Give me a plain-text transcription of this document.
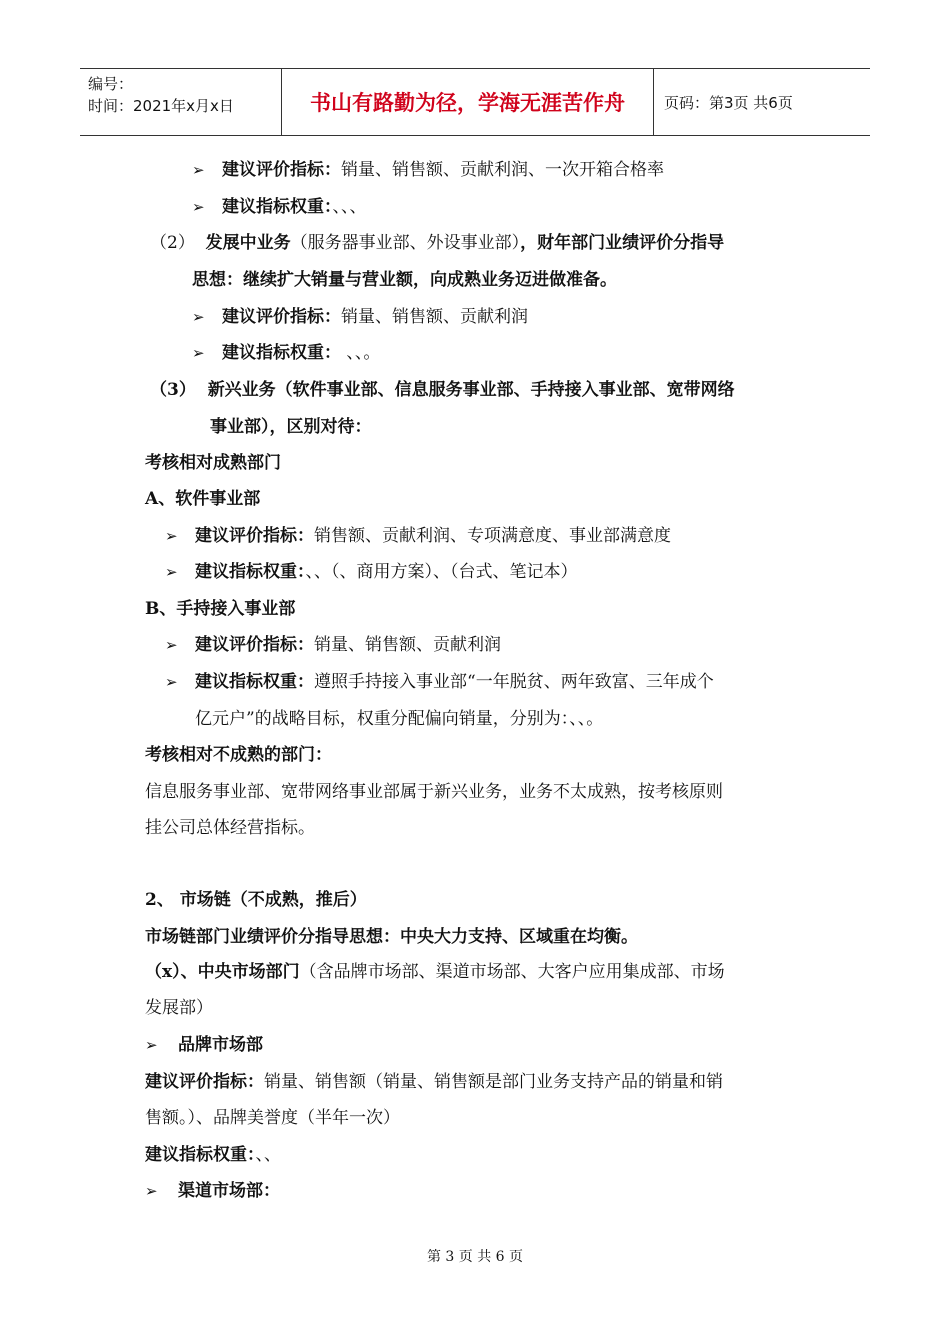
编号：
时间：2021年x月x日	书山有路勤为径，学海无涯苦作舟	页码：第3页 共6页
➢ 建议评价指标：销量、销售额、贡献利润、一次开箱合格率
➢ 建议指标权重：、、、
（2） 发展中业务（服务器事业部、外设事业部），财年部门业绩评价分指导
思想：继续扩大销量与营业额，向成熟业务迈进做准备。
➢ 建议评价指标：销量、销售额、贡献利润
➢ 建议指标权重： 、、。
（3） 新兴业务（软件事业部、信息服务事业部、手持接入事业部、宽带网络
事业部），区别对待：
考核相对成熟部门
A、软件事业部
➢ 建议评价指标：销售额、贡献利润、专项满意度、事业部满意度
➢ 建议指标权重：、、（、商用方案）、（台式、笔记本）
B、手持接入事业部
➢ 建议评价指标：销量、销售额、贡献利润
➢ 建议指标权重：遵照手持接入事业部“一年脱贫、两年致富、三年成个
亿元户”的战略目标，权重分配偏向销量，分别为：、、。
考核相对不成熟的部门：
信息服务事业部、宽带网络事业部属于新兴业务，业务不太成熟，按考核原则
挂公司总体经营指标。
2、 市场链（不成熟，推后）
市场链部门业绩评价分指导思想：中央大力支持、区域重在均衡。
（x）、中央市场部门（含品牌市场部、渠道市场部、大客户应用集成部、市场
发展部）
➢ 品牌市场部
建议评价指标：销量、销售额（销量、销售额是部门业务支持产品的销量和销
售额。）、品牌美誉度（半年一次）
建议指标权重：、、
➢ 渠道市场部：
第 3 页 共 6 页
